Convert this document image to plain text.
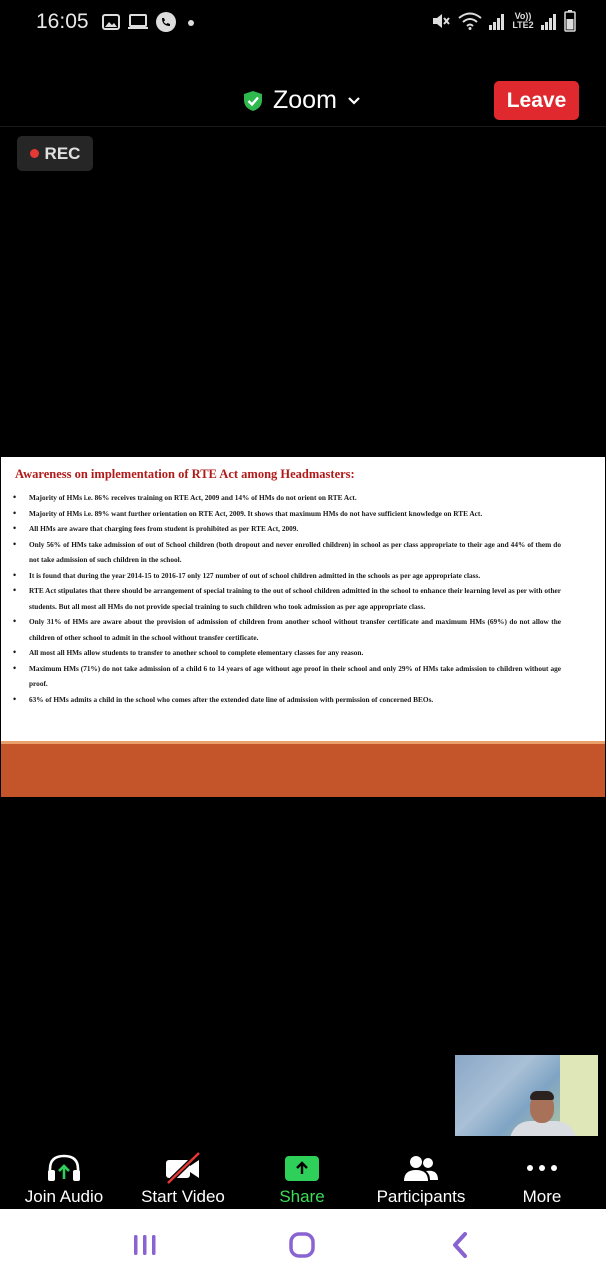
16:05	Vo)) LTE2
Zoom	Leave
REC
Awareness on implementation of RTE Act among Headmasters:
• Majority of HMs i.e. 86% receives training on RTE Act, 2009 and 14% of HMs do not orient on RTE Act.
• Majority of HMs i.e. 89% want further orientation on RTE Act, 2009. It shows that maximum HMs do not have sufficient knowledge on RTE Act.
• All HMs are aware that charging fees from student is prohibited as per RTE Act, 2009.
• Only 56% of HMs take admission of out of School children (both dropout and never enrolled children) in school as per class appropriate to their age and 44% of them do not take admission of such children in the school.
• It is found that during the year 2014-15 to 2016-17 only 127 number of out of school children admitted in the schools as per age appropriate class.
• RTE Act stipulates that there should be arrangement of special training to the out of school children admitted in the school to enhance their learning level as per with other students. But all most all HMs do not provide special training to such children who took admission as per age appropriate class.
• Only 31% of HMs are aware about the provision of admission of children from another school without transfer certificate and maximum HMs (69%) do not allow the children of other school to admit in the school without transfer certificate.
• All most all HMs allow students to transfer to another school to complete elementary classes for any reason.
• Maximum HMs (71%) do not take admission of a child 6 to 14 years of age without age proof in their school and only 29% of HMs take admission to children without age proof.
• 63% of HMs admits a child in the school who comes after the extended date line of admission with permission of concerned BEOs.
Join Audio	Start Video	Share	Participants	More
